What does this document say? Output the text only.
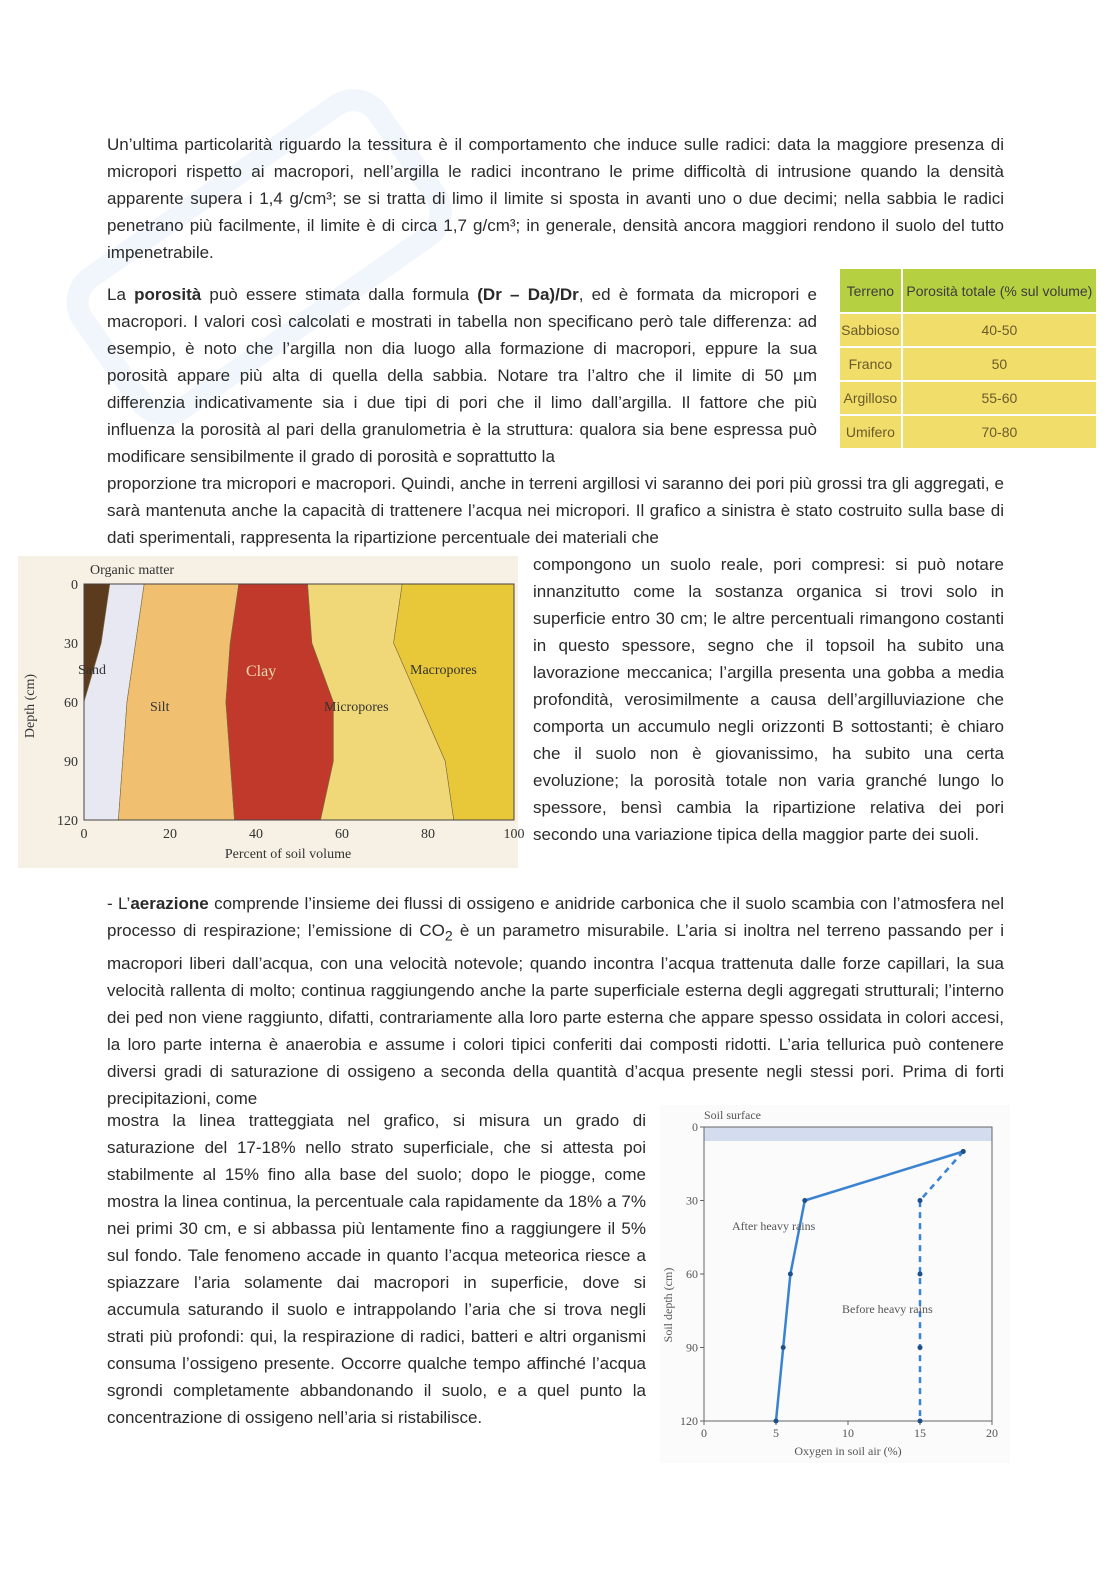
Un’ultima particolarità riguardo la tessitura è il comportamento che induce sulle radici: data la maggiore presenza di micropori rispetto ai macropori, nell’argilla le radici incontrano le prime difficoltà di intrusione quando la densità apparente supera i 1,4 g/cm³; se si tratta di limo il limite si sposta in avanti uno o due decimi; nella sabbia le radici penetrano più facilmente, il limite è di circa 1,7 g/cm³; in generale, densità ancora maggiori rendono il suolo del tutto impenetrabile.

La porosità può essere stimata dalla formula (Dr – Da)/Dr, ed è formata da micropori e macropori. I valori così calcolati e mostrati in tabella non specificano però tale differenza: ad esempio, è noto che l’argilla non dia luogo alla formazione di macropori, eppure la sua porosità appare più alta di quella della sabbia. Notare tra l’altro che il limite di 50 µm differenzia indicativamente sia i due tipi di pori che il limo dall’argilla. Il fattore che più influenza la porosità al pari della granulometria è la struttura: qualora sia bene espressa può modificare sensibilmente il grado di porosità e soprattutto la

proporzione tra micropori e macropori. Quindi, anche in terreni argillosi vi saranno dei pori più grossi tra gli aggregati, e sarà mantenuta anche la capacità di trattenere l’acqua nei micropori. Il grafico a sinistra è stato costruito sulla base di dati sperimentali, rappresenta la ripartizione percentuale dei materiali che

compongono un suolo reale, pori compresi: si può notare innanzitutto come la sostanza organica si trovi solo in superficie entro 30 cm; le altre percentuali rimangono costanti in questo spessore, segno che il topsoil ha subito una lavorazione meccanica; l’argilla presenta una gobba a media profondità, verosimilmente a causa dell’argilluviazione che comporta un accumulo negli orizzonti B sottostanti; è chiaro che il suolo non è giovanissimo, ha subito una certa evoluzione; la porosità totale non varia granché lungo lo spessore, bensì cambia la ripartizione relativa dei pori secondo una variazione tipica della maggior parte dei suoli.

Terreno	Porosità totale (% sul volume)
Sabbioso	40-50
Franco	50
Argilloso	55-60
Umifero	70-80
0	20	40	60	80	100
0
30
60
90
120
Organic matter
Sand
Silt
Clay
Micropores
Macropores
Percent of soil volume
Depth (cm)

- L’aerazione comprende l’insieme dei flussi di ossigeno e anidride carbonica che il suolo scambia con l’atmosfera nel processo di respirazione; l’emissione di $CO_2$ è un parametro misurabile. L’aria si inoltra nel terreno passando per i macropori liberi dall’acqua, con una velocità notevole; quando incontra l’acqua trattenuta dalle forze capillari, la sua velocità rallenta di molto; continua raggiungendo anche la parte superficiale esterna degli aggregati strutturali; l’interno dei ped non viene raggiunto, difatti, contrariamente alla loro parte esterna che appare spesso ossidata in colori accesi, la loro parte interna è anaerobia e assume i colori tipici conferiti dai composti ridotti. L’aria tellurica può contenere diversi gradi di saturazione di ossigeno a seconda della quantità d’acqua presente negli stessi pori. Prima di forti precipitazioni, come

mostra la linea tratteggiata nel grafico, si misura un grado di saturazione del 17-18% nello strato superficiale, che si attesta poi stabilmente al 15% fino alla base del suolo; dopo le piogge, come mostra la linea continua, la percentuale cala rapidamente da 18% a 7% nei primi 30 cm, e si abbassa più lentamente fino a raggiungere il 5% sul fondo. Tale fenomeno accade in quanto l’acqua meteorica riesce a spiazzare l’aria solamente dai macropori in superficie, dove si accumula saturando il suolo e intrappolando l’aria che si trova negli strati più profondi: qui, la respirazione di radici, batteri e altri organismi consuma l’ossigeno presente. Occorre qualche tempo affinché l’acqua sgrondi completamente abbandonando il suolo, e a quel punto la concentrazione di ossigeno nell’aria si ristabilisce.

0	5	10	15	20
0
30
60
90
120
Soil surface
Oxygen in soil air (%)
Soil depth (cm)
After heavy rains
Before heavy rains
